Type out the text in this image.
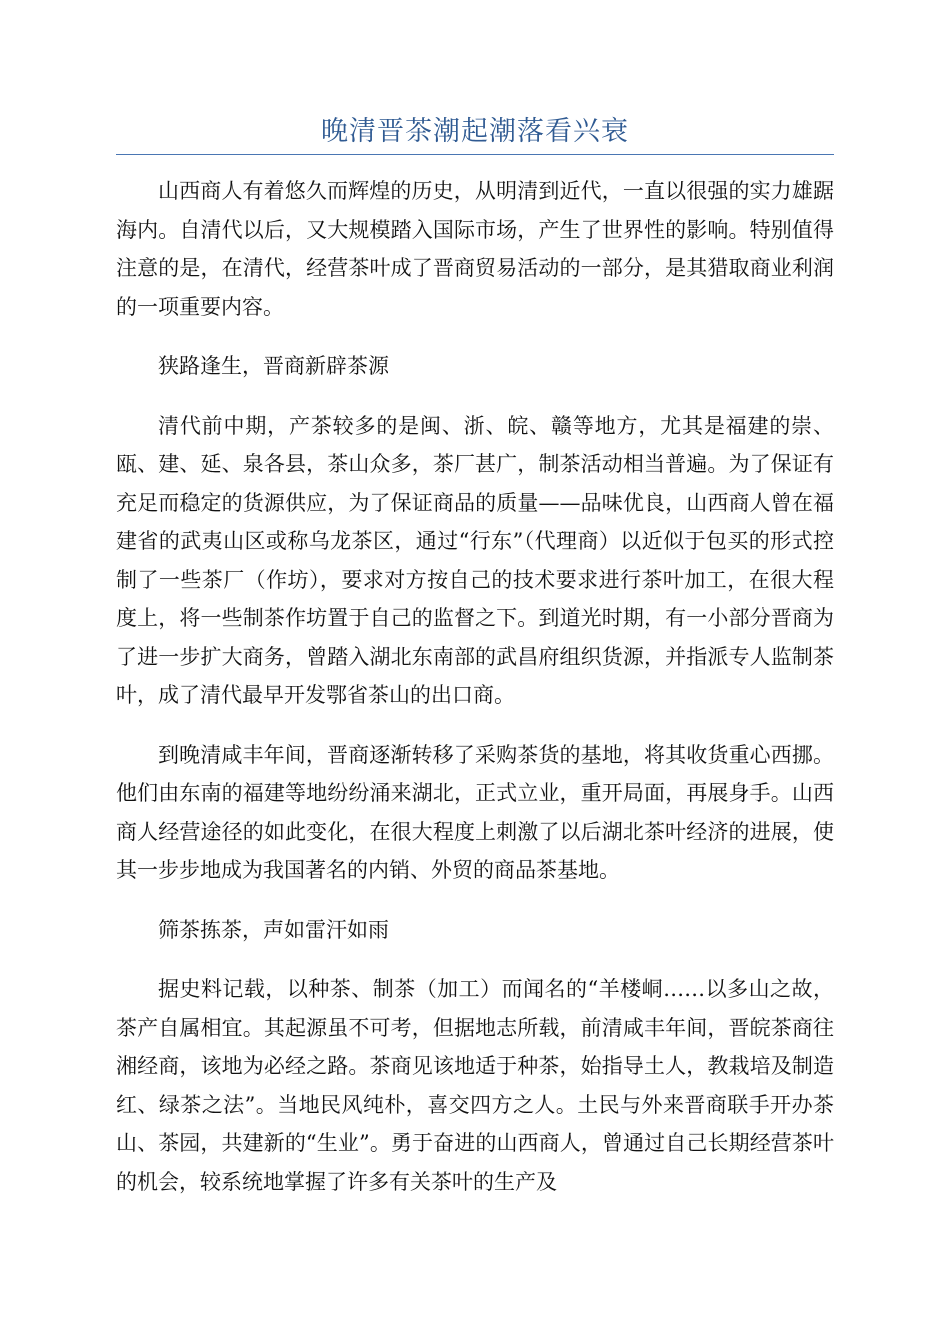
晚清晋茶潮起潮落看兴衰

山西商人有着悠久而辉煌的历史，从明清到近代，一直以很强的实力雄踞海内。自清代以后，又大规模踏入国际市场，产生了世界性的影响。特别值得注意的是，在清代，经营茶叶成了晋商贸易活动的一部分，是其猎取商业利润的一项重要内容。

狭路逢生，晋商新辟茶源

清代前中期，产茶较多的是闽、浙、皖、赣等地方，尤其是福建的崇、瓯、建、延、泉各县，茶山众多，茶厂甚广，制茶活动相当普遍。为了保证有充足而稳定的货源供应，为了保证商品的质量——品味优良，山西商人曾在福建省的武夷山区或称乌龙茶区，通过“行东”（代理商）以近似于包买的形式控制了一些茶厂（作坊），要求对方按自己的技术要求进行茶叶加工，在很大程度上，将一些制茶作坊置于自己的监督之下。到道光时期，有一小部分晋商为了进一步扩大商务，曾踏入湖北东南部的武昌府组织货源，并指派专人监制茶叶，成了清代最早开发鄂省茶山的出口商。

到晚清咸丰年间，晋商逐渐转移了采购茶货的基地，将其收货重心西挪。他们由东南的福建等地纷纷涌来湖北，正式立业，重开局面，再展身手。山西商人经营途径的如此变化，在很大程度上刺激了以后湖北茶叶经济的进展，使其一步步地成为我国著名的内销、外贸的商品茶基地。

筛茶拣茶，声如雷汗如雨

据史料记载，以种茶、制茶（加工）而闻名的“羊楼峒……以多山之故，茶产自属相宜。其起源虽不可考，但据地志所载，前清咸丰年间，晋皖茶商往湘经商，该地为必经之路。茶商见该地适于种茶，始指导土人，教栽培及制造红、绿茶之法”。当地民风纯朴，喜交四方之人。土民与外来晋商联手开办茶山、茶园，共建新的“生业”。勇于奋进的山西商人，曾通过自己长期经营茶叶的机会，较系统地掌握了许多有关茶叶的生产及
